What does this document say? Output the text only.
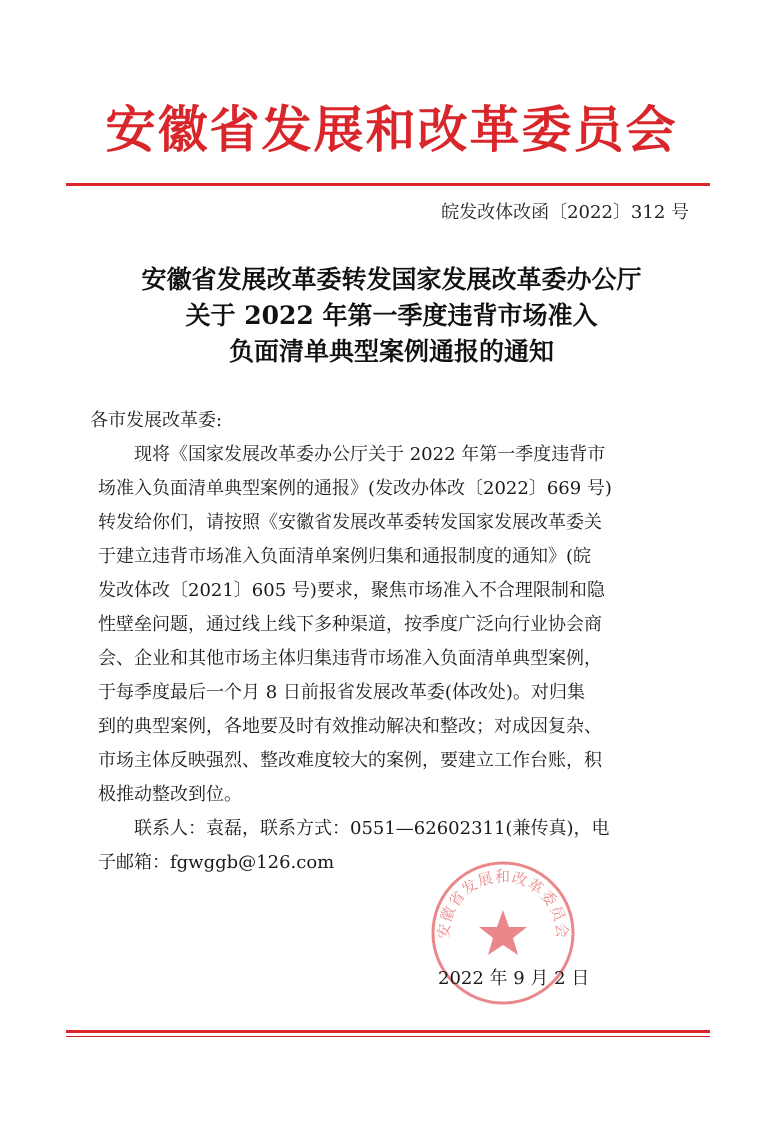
安徽省发展和改革委员会
皖发改体改函〔2022〕312 号
安徽省发展改革委转发国家发展改革委办公厅
关于 2022 年第一季度违背市场准入
负面清单典型案例通报的通知

各市发展改革委:

现将《国家发展改革委办公厅关于 2022 年第一季度违背市

场准入负面清单典型案例的通报》(发改办体改〔2022〕669 号)

转发给你们，请按照《安徽省发展改革委转发国家发展改革委关

于建立违背市场准入负面清单案例归集和通报制度的通知》(皖

发改体改〔2021〕605 号)要求，聚焦市场准入不合理限制和隐

性壁垒问题，通过线上线下多种渠道，按季度广泛向行业协会商

会、企业和其他市场主体归集违背市场准入负面清单典型案例，

于每季度最后一个月 8 日前报省发展改革委(体改处)。对归集

到的典型案例，各地要及时有效推动解决和整改；对成因复杂、

市场主体反映强烈、整改难度较大的案例，要建立工作台账，积

极推动整改到位。

联系人：袁磊，联系方式：0551—62602311(兼传真)，电

子邮箱：fgwggb@126.com

安徽省发展和改革委员会
2022 年 9 月 2 日
